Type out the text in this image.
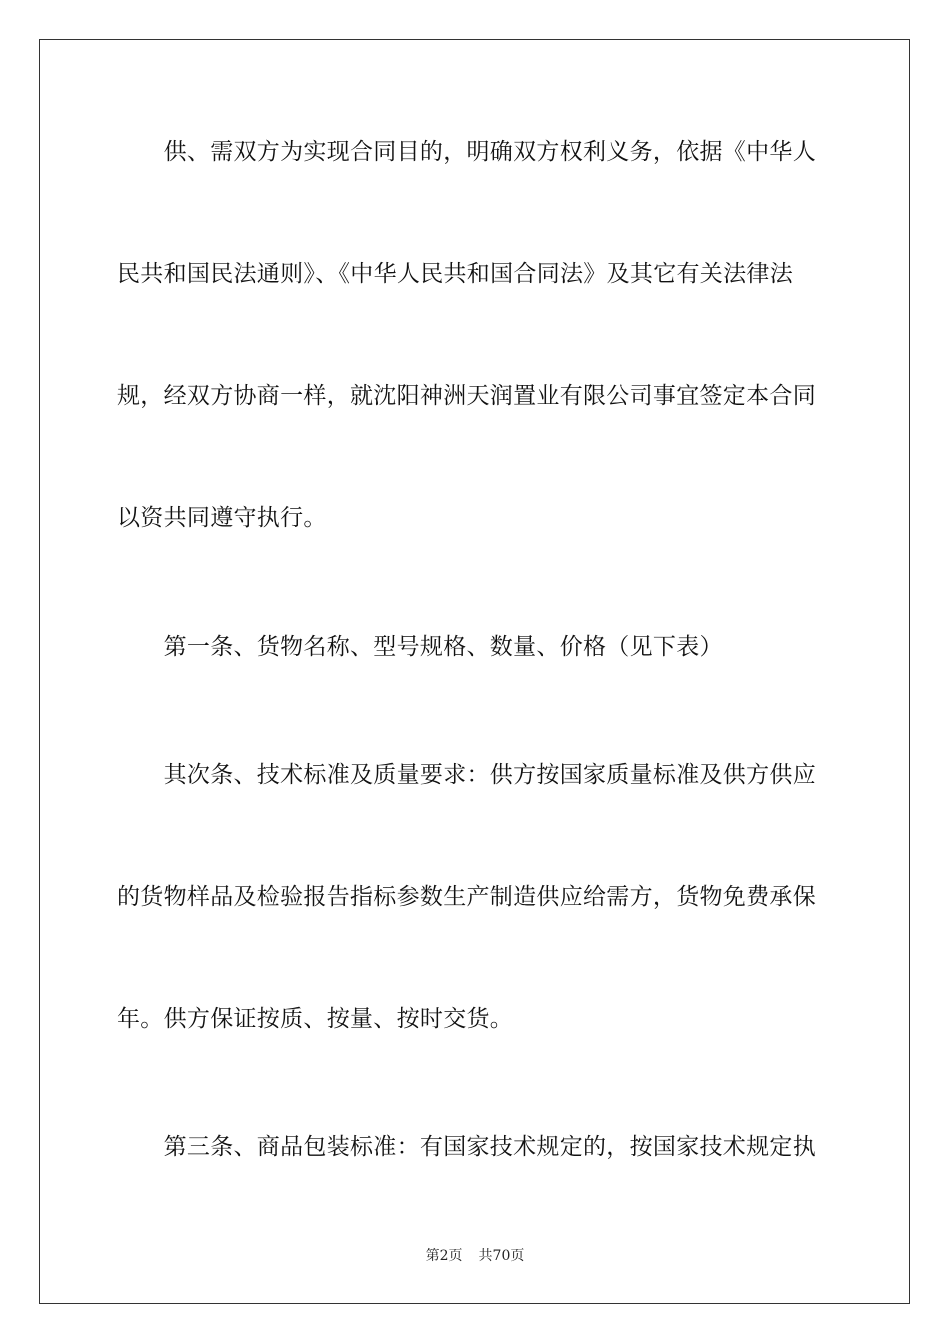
　　供、需双方为实现合同目的，明确双方权利义务，依据《中华人
民共和国民法通则》、《中华人民共和国合同法》及其它有关法律法
规，经双方协商一样，就沈阳神洲天润置业有限公司事宜签定本合同
以资共同遵守执行。
　　第一条、货物名称、型号规格、数量、价格（见下表）
　　其次条、技术标准及质量要求：供方按国家质量标准及供方供应
的货物样品及检验报告指标参数生产制造供应给需方，货物免费承保
年。供方保证按质、按量、按时交货。
　　第三条、商品包装标准：有国家技术规定的，按国家技术规定执
第2页 共70页
